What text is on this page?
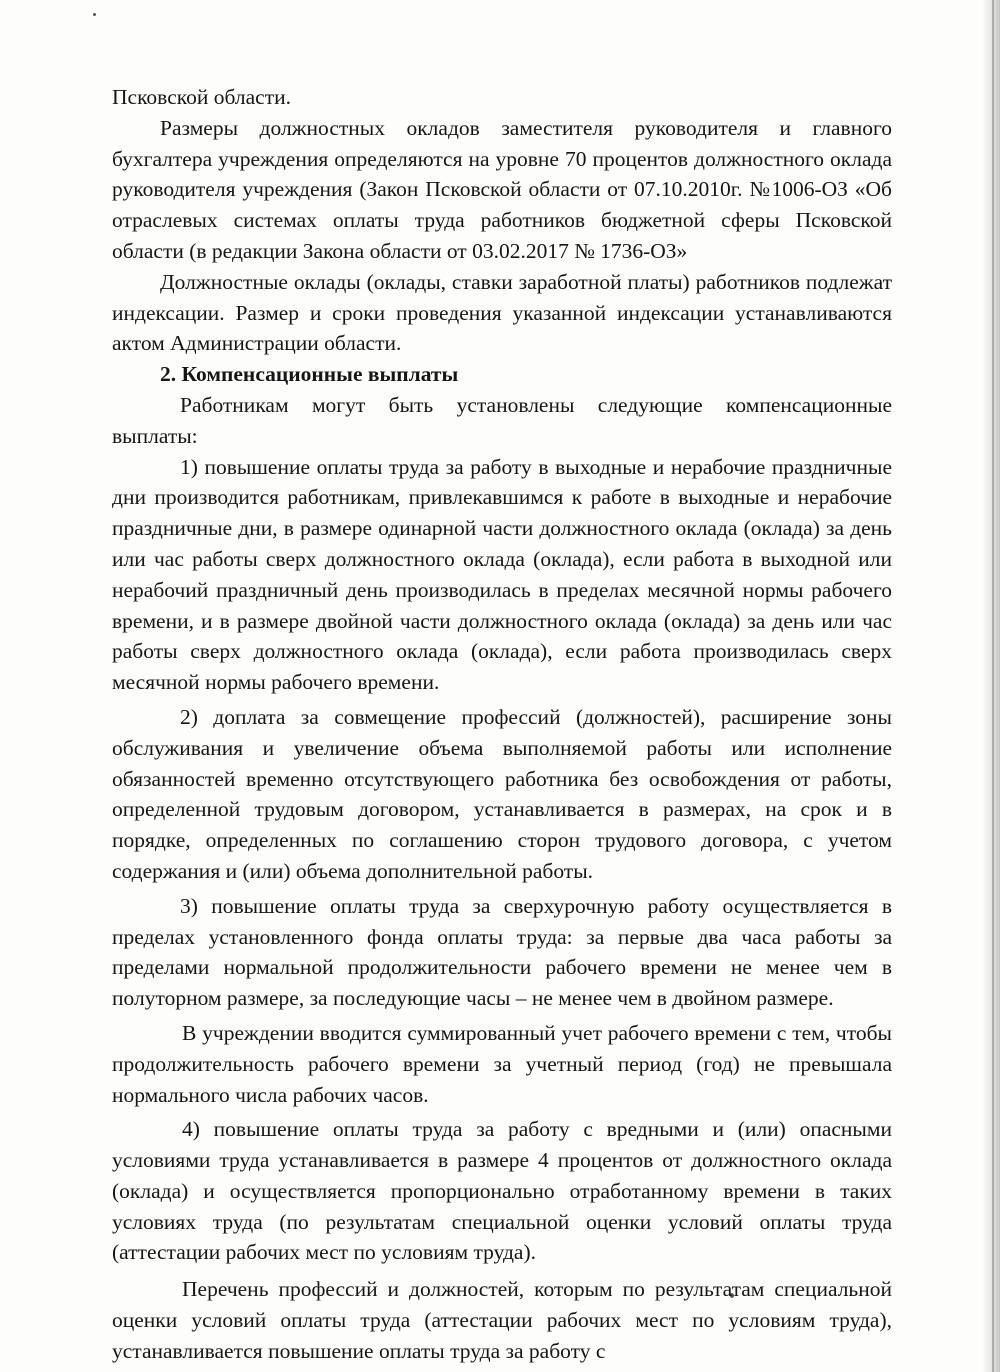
Псковской области.

Размеры должностных окладов заместителя руководителя и главного бухгалтера учреждения определяются на уровне 70 процентов должностного оклада руководителя учреждения (Закон Псковской области от 07.10.2010г. №1006-ОЗ «Об отраслевых системах оплаты труда работников бюджетной сферы Псковской области (в редакции Закона области от 03.02.2017 № 1736-ОЗ»

Должностные оклады (оклады, ставки заработной платы) работников подлежат индексации. Размер и сроки проведения указанной индексации устанавливаются актом Администрации области.

2. Компенсационные выплаты

Работникам могут быть установлены следующие компенсационные выплаты:

1) повышение оплаты труда за работу в выходные и нерабочие праздничные дни производится работникам, привлекавшимся к работе в выходные и нерабочие праздничные дни, в размере одинарной части должностного оклада (оклада) за день или час работы сверх должностного оклада (оклада), если работа в выходной или нерабочий праздничный день производилась в пределах месячной нормы рабочего времени, и в размере двойной части должностного оклада (оклада) за день или час работы сверх должностного оклада (оклада), если работа производилась сверх месячной нормы рабочего времени.

2) доплата за совмещение профессий (должностей), расширение зоны обслуживания и увеличение объема выполняемой работы или исполнение обязанностей временно отсутствующего работника без освобождения от работы, определенной трудовым договором, устанавливается в размерах, на срок и в порядке, определенных по соглашению сторон трудового договора, с учетом содержания и (или) объема дополнительной работы.

3) повышение оплаты труда за сверхурочную работу осуществляется в пределах установленного фонда оплаты труда: за первые два часа работы за пределами нормальной продолжительности рабочего времени не менее чем в полуторном размере, за последующие часы – не менее чем в двойном размере.

В учреждении вводится суммированный учет рабочего времени с тем, чтобы продолжительность рабочего времени за учетный период (год) не превышала нормального числа рабочих часов.

4) повышение оплаты труда за работу с вредными и (или) опасными условиями труда устанавливается в размере 4 процентов от должностного оклада (оклада) и осуществляется пропорционально отработанному времени в таких условиях труда (по результатам специальной оценки условий оплаты труда (аттестации рабочих мест по условиям труда).

Перечень профессий и должностей, которым по результатам специальной оценки условий оплаты труда (аттестации рабочих мест по условиям труда), устанавливается повышение оплаты труда за работу с
